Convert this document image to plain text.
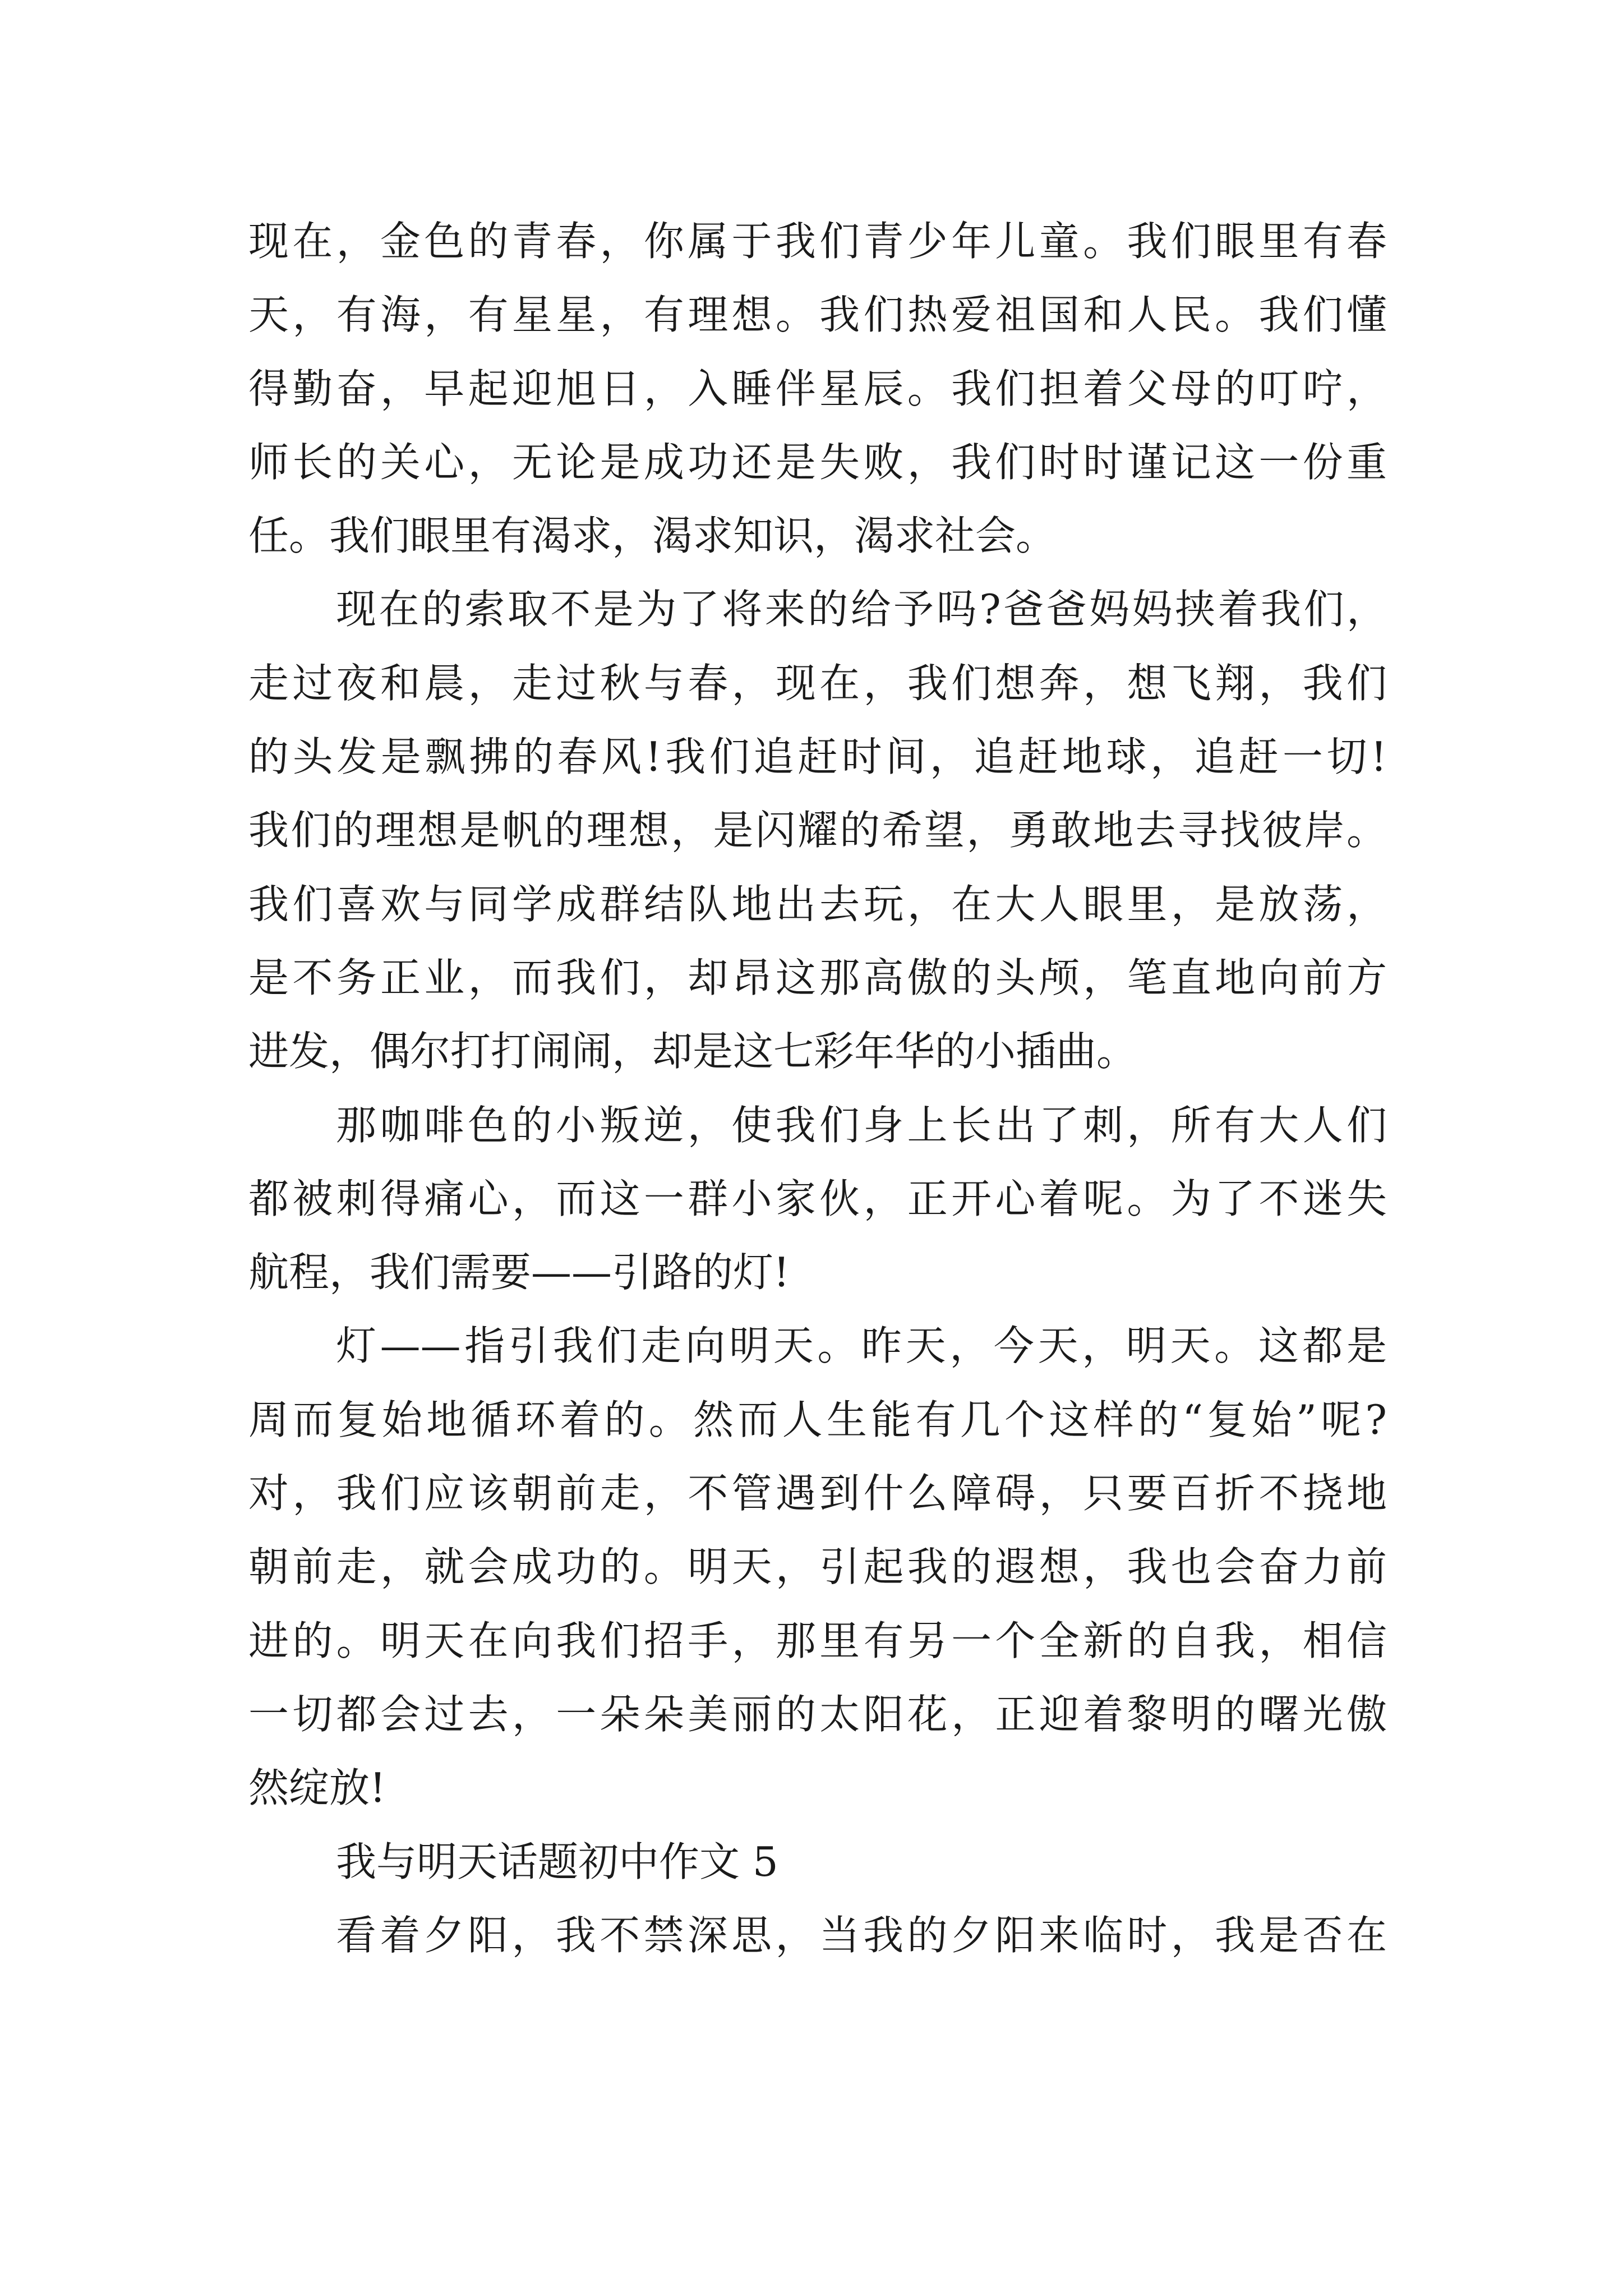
现在，金色的青春，你属于我们青少年儿童。我们眼里有春
天，有海，有星星，有理想。我们热爱祖国和人民。我们懂
得勤奋，早起迎旭日，入睡伴星辰。我们担着父母的叮咛，
师长的关心，无论是成功还是失败，我们时时谨记这一份重
任。我们眼里有渴求，渴求知识，渴求社会。
现在的索取不是为了将来的给予吗?爸爸妈妈挟着我们，
走过夜和晨，走过秋与春，现在，我们想奔，想飞翔，我们
的头发是飘拂的春风!我们追赶时间，追赶地球，追赶一切!
我们的理想是帆的理想，是闪耀的希望，勇敢地去寻找彼岸。
我们喜欢与同学成群结队地出去玩，在大人眼里，是放荡，
是不务正业，而我们，却昂这那高傲的头颅，笔直地向前方
进发，偶尔打打闹闹，却是这七彩年华的小插曲。
那咖啡色的小叛逆，使我们身上长出了刺，所有大人们
都被刺得痛心，而这一群小家伙，正开心着呢。为了不迷失
航程，我们需要——引路的灯!
灯——指引我们走向明天。昨天，今天，明天。这都是
周而复始地循环着的。然而人生能有几个这样的“复始”呢?
对，我们应该朝前走，不管遇到什么障碍，只要百折不挠地
朝前走，就会成功的。明天，引起我的遐想，我也会奋力前
进的。明天在向我们招手，那里有另一个全新的自我，相信
一切都会过去，一朵朵美丽的太阳花，正迎着黎明的曙光傲
然绽放!
我与明天话题初中作文 5
看着夕阳，我不禁深思，当我的夕阳来临时，我是否在
